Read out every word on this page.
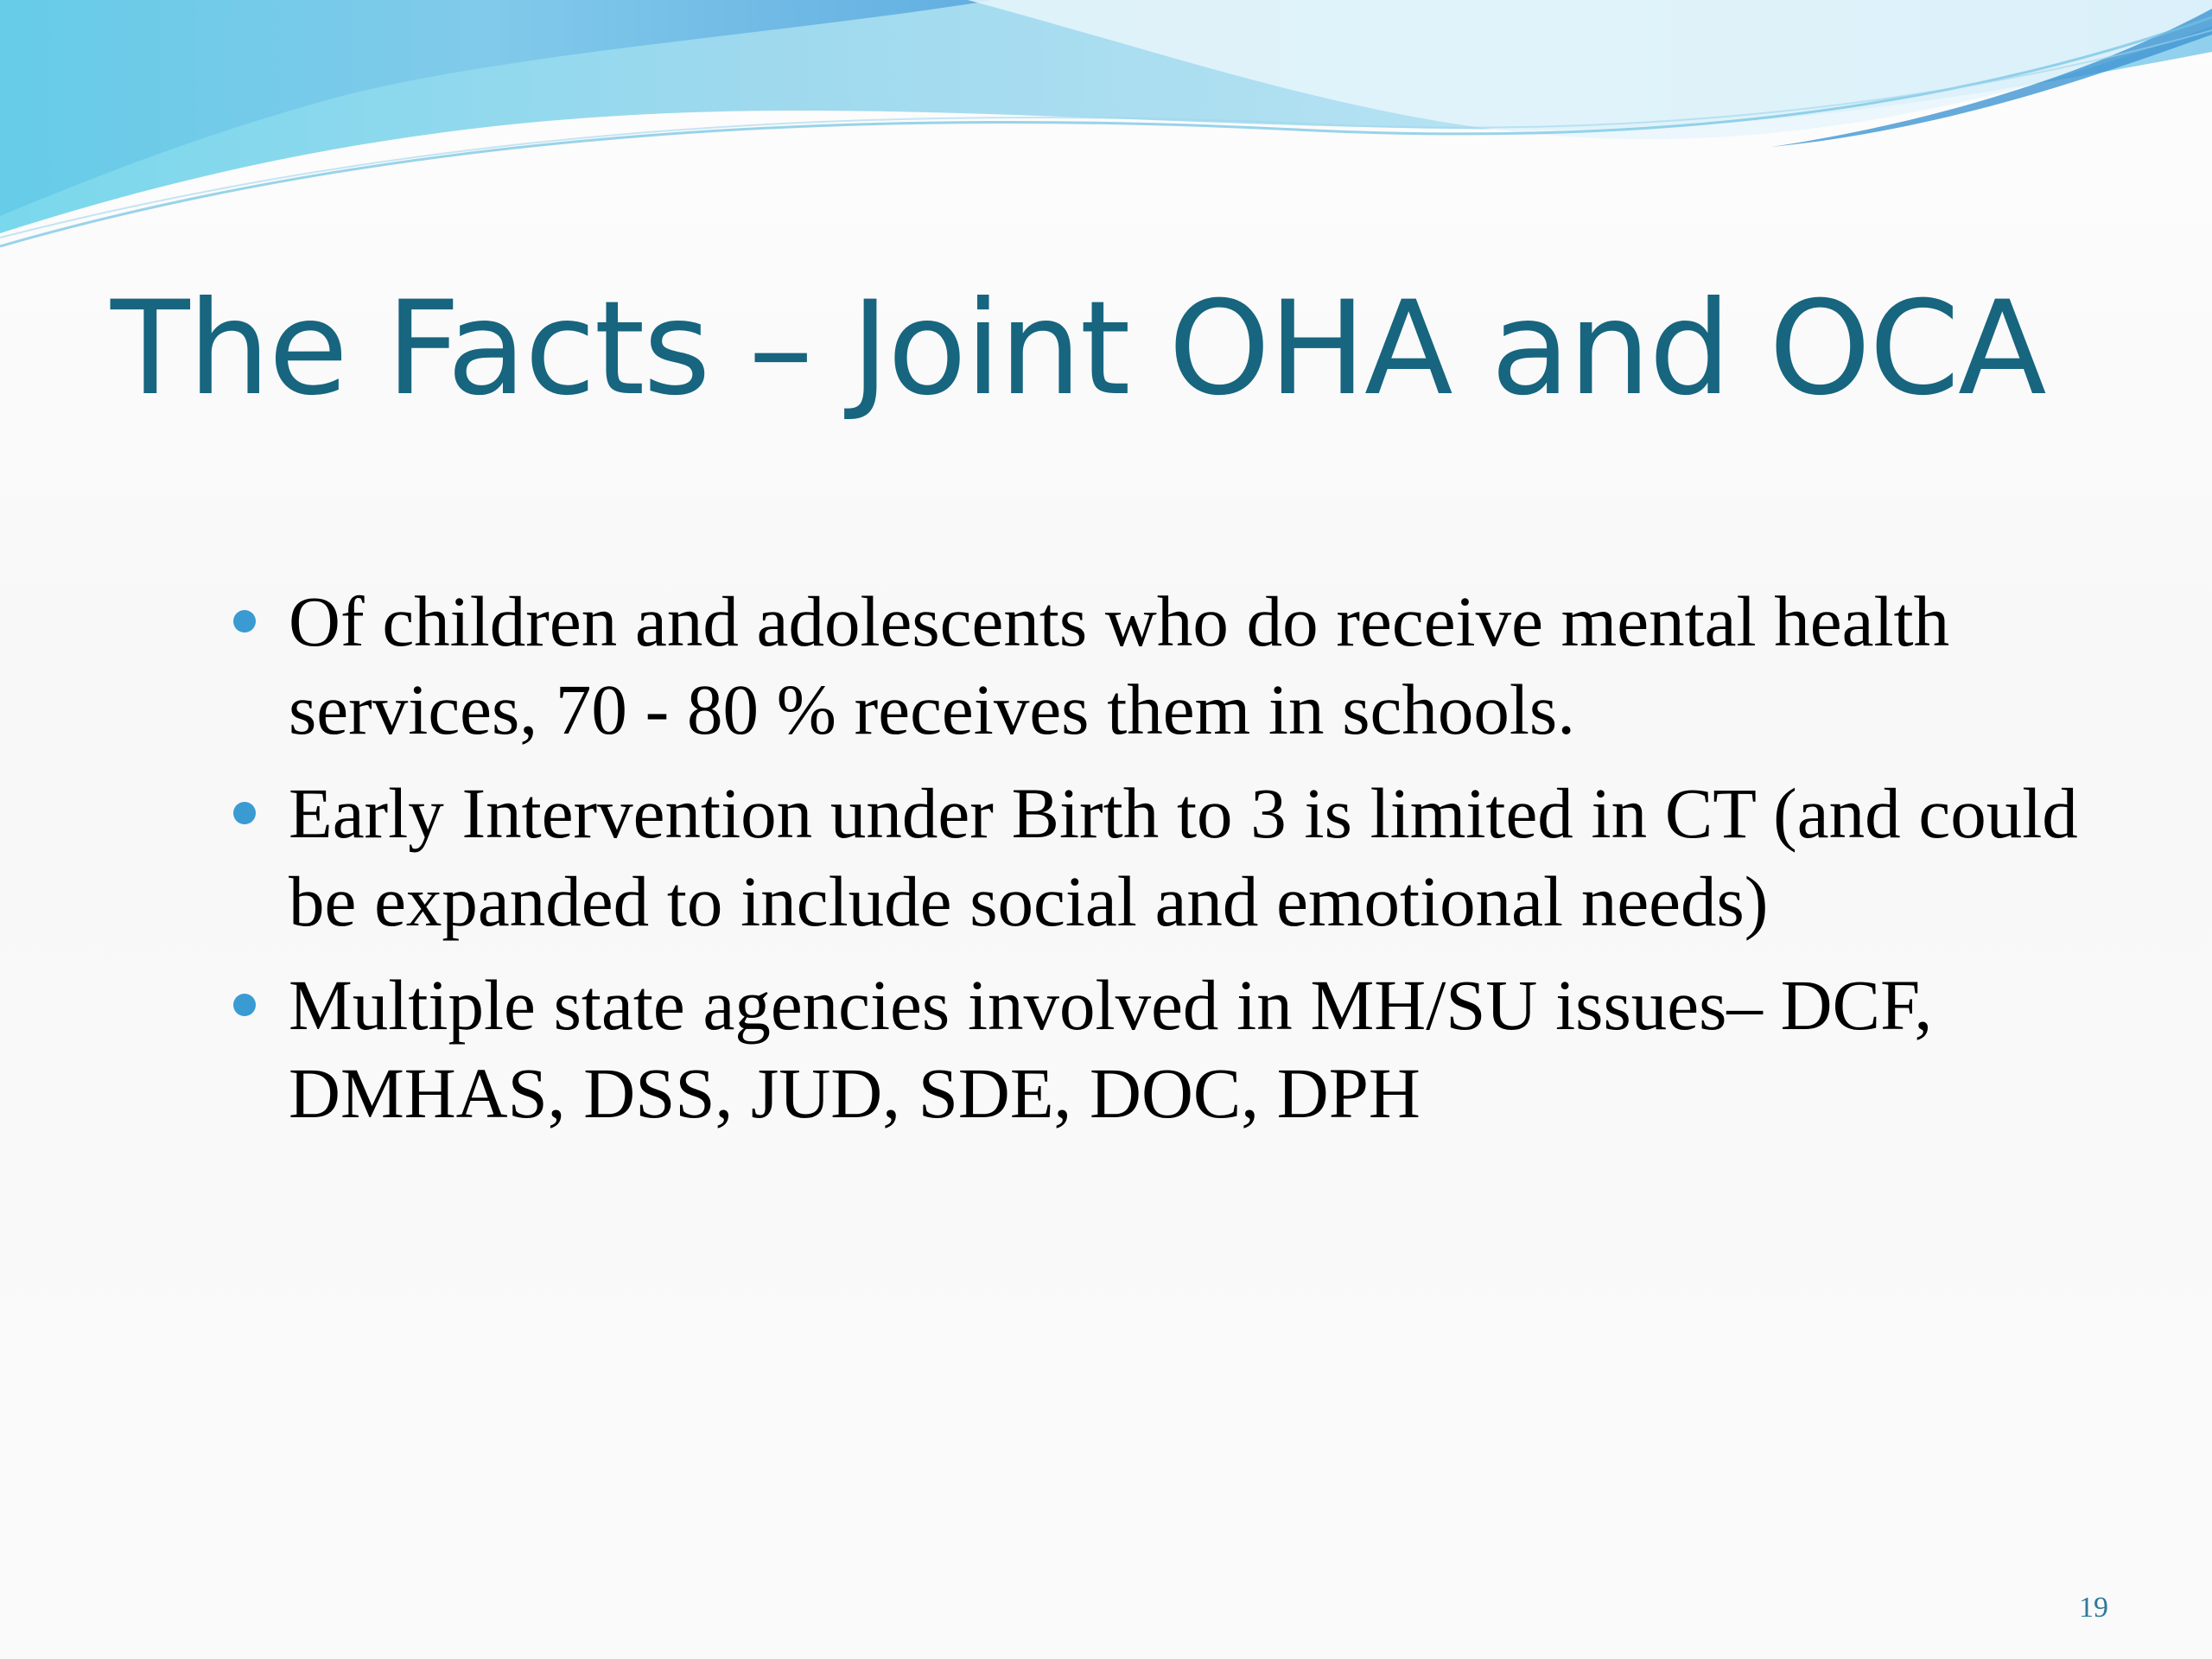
The Facts – Joint OHA and OCA
Of children and adolescents who do receive mental health services, 70 - 80 % receives them in schools.
Early Intervention under Birth to 3 is limited in CT (and could be expanded to include social and emotional needs)
Multiple state agencies involved in MH/SU issues– DCF, DMHAS, DSS, JUD, SDE, DOC, DPH
19
